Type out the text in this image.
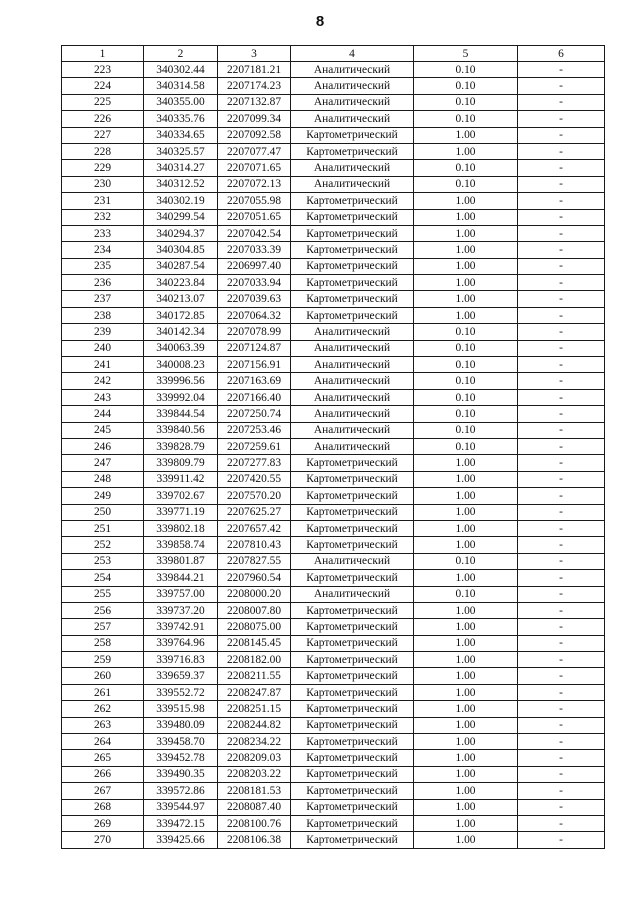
8
1	2	3	4	5	6
223	340302.44	2207181.21	Аналитический	0.10	-
224	340314.58	2207174.23	Аналитический	0.10	-
225	340355.00	2207132.87	Аналитический	0.10	-
226	340335.76	2207099.34	Аналитический	0.10	-
227	340334.65	2207092.58	Картометрический	1.00	-
228	340325.57	2207077.47	Картометрический	1.00	-
229	340314.27	2207071.65	Аналитический	0.10	-
230	340312.52	2207072.13	Аналитический	0.10	-
231	340302.19	2207055.98	Картометрический	1.00	-
232	340299.54	2207051.65	Картометрический	1.00	-
233	340294.37	2207042.54	Картометрический	1.00	-
234	340304.85	2207033.39	Картометрический	1.00	-
235	340287.54	2206997.40	Картометрический	1.00	-
236	340223.84	2207033.94	Картометрический	1.00	-
237	340213.07	2207039.63	Картометрический	1.00	-
238	340172.85	2207064.32	Картометрический	1.00	-
239	340142.34	2207078.99	Аналитический	0.10	-
240	340063.39	2207124.87	Аналитический	0.10	-
241	340008.23	2207156.91	Аналитический	0.10	-
242	339996.56	2207163.69	Аналитический	0.10	-
243	339992.04	2207166.40	Аналитический	0.10	-
244	339844.54	2207250.74	Аналитический	0.10	-
245	339840.56	2207253.46	Аналитический	0.10	-
246	339828.79	2207259.61	Аналитический	0.10	-
247	339809.79	2207277.83	Картометрический	1.00	-
248	339911.42	2207420.55	Картометрический	1.00	-
249	339702.67	2207570.20	Картометрический	1.00	-
250	339771.19	2207625.27	Картометрический	1.00	-
251	339802.18	2207657.42	Картометрический	1.00	-
252	339858.74	2207810.43	Картометрический	1.00	-
253	339801.87	2207827.55	Аналитический	0.10	-
254	339844.21	2207960.54	Картометрический	1.00	-
255	339757.00	2208000.20	Аналитический	0.10	-
256	339737.20	2208007.80	Картометрический	1.00	-
257	339742.91	2208075.00	Картометрический	1.00	-
258	339764.96	2208145.45	Картометрический	1.00	-
259	339716.83	2208182.00	Картометрический	1.00	-
260	339659.37	2208211.55	Картометрический	1.00	-
261	339552.72	2208247.87	Картометрический	1.00	-
262	339515.98	2208251.15	Картометрический	1.00	-
263	339480.09	2208244.82	Картометрический	1.00	-
264	339458.70	2208234.22	Картометрический	1.00	-
265	339452.78	2208209.03	Картометрический	1.00	-
266	339490.35	2208203.22	Картометрический	1.00	-
267	339572.86	2208181.53	Картометрический	1.00	-
268	339544.97	2208087.40	Картометрический	1.00	-
269	339472.15	2208100.76	Картометрический	1.00	-
270	339425.66	2208106.38	Картометрический	1.00	-
